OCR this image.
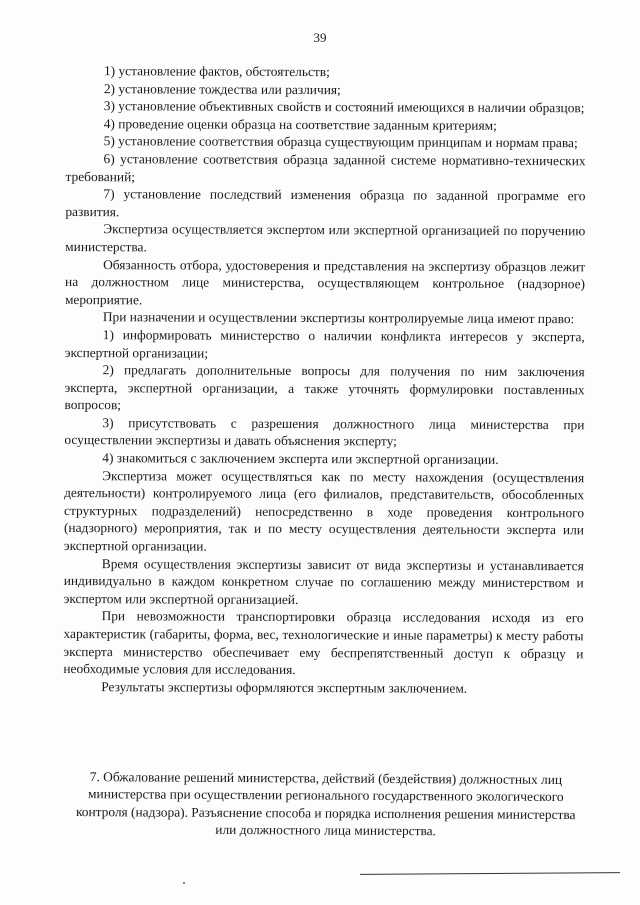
39

1) установление фактов, обстоятельств;

2) установление тождества или различия;

3) установление объективных свойств и состояний имеющихся в наличии образцов;

4) проведение оценки образца на соответствие заданным критериям;

5) установление соответствия образца существующим принципам и нормам права;

6) установление соответствия образца заданной системе нормативно-технических требований;

7) установление последствий изменения образца по заданной программе его развития.

Экспертиза осуществляется экспертом или экспертной организацией по поручению министерства.

Обязанность отбора, удостоверения и представления на экспертизу образцов лежит на должностном лице министерства, осуществляющем контрольное (надзорное) мероприятие.

При назначении и осуществлении экспертизы контролируемые лица имеют право:

1) информировать министерство о наличии конфликта интересов у эксперта, экспертной организации;

2) предлагать дополнительные вопросы для получения по ним заключения эксперта, экспертной организации, а также уточнять формулировки поставленных вопросов;

3) присутствовать с разрешения должностного лица министерства при осуществлении экспертизы и давать объяснения эксперту;

4) знакомиться с заключением эксперта или экспертной организации.

Экспертиза может осуществляться как по месту нахождения (осуществления деятельности) контролируемого лица (его филиалов, представительств, обособленных структурных подразделений) непосредственно в ходе проведения контрольного (надзорного) мероприятия, так и по месту осуществления деятельности эксперта или экспертной организации.

Время осуществления экспертизы зависит от вида экспертизы и устанавливается индивидуально в каждом конкретном случае по соглашению между министерством и экспертом или экспертной организацией.

При невозможности транспортировки образца исследования исходя из его характеристик (габариты, форма, вес, технологические и иные параметры) к месту работы эксперта министерство обеспечивает ему беспрепятственный доступ к образцу и необходимые условия для исследования.

Результаты экспертизы оформляются экспертным заключением.

7. Обжалование решений министерства, действий (бездействия) должностных лиц министерства при осуществлении регионального государственного экологического контроля (надзора). Разъяснение способа и порядка исполнения решения министерства или должностного лица министерства.
